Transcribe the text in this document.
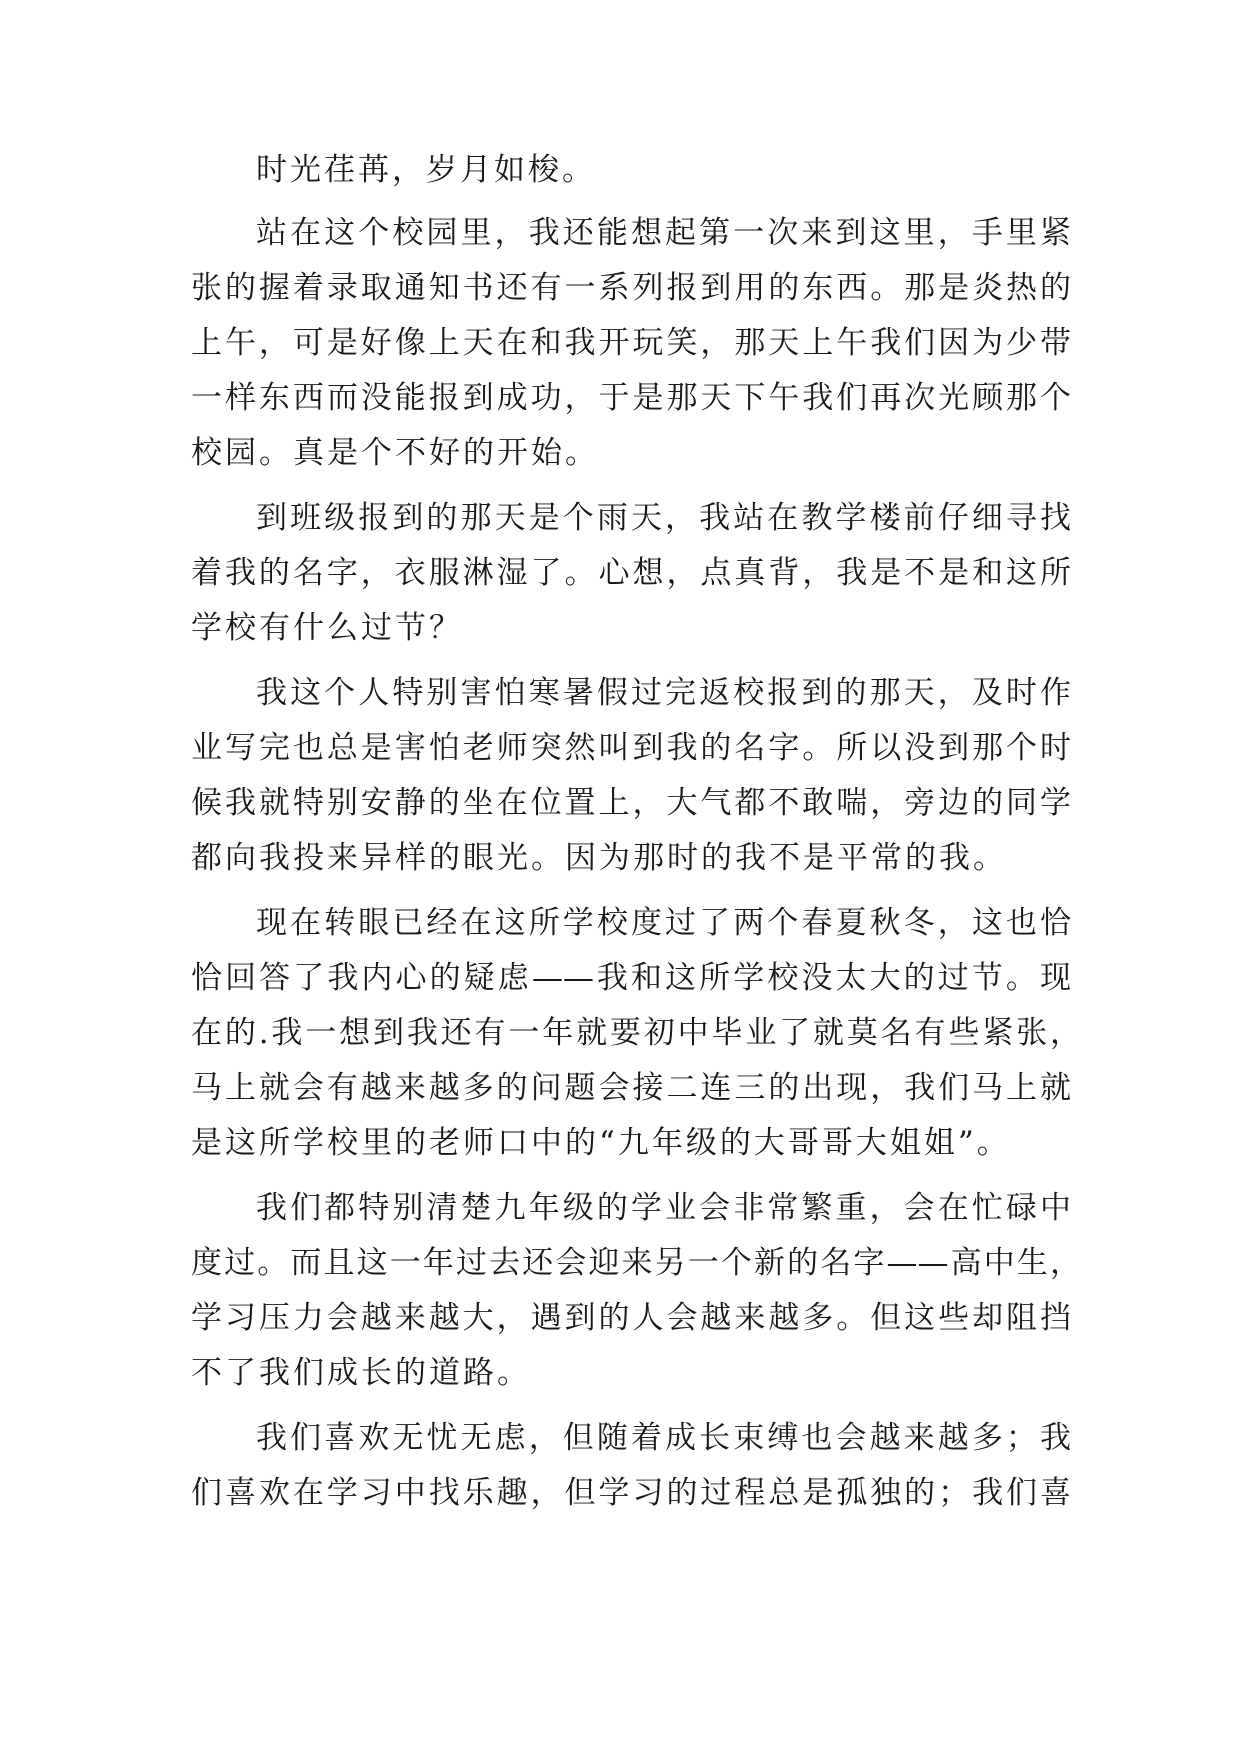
时光荏苒，岁月如梭。
站在这个校园里，我还能想起第一次来到这里，手里紧
张的握着录取通知书还有一系列报到用的东西。那是炎热的
上午，可是好像上天在和我开玩笑，那天上午我们因为少带
一样东西而没能报到成功，于是那天下午我们再次光顾那个
校园。真是个不好的开始。
到班级报到的那天是个雨天，我站在教学楼前仔细寻找
着我的名字，衣服淋湿了。心想，点真背，我是不是和这所
学校有什么过节？
我这个人特别害怕寒暑假过完返校报到的那天，及时作
业写完也总是害怕老师突然叫到我的名字。所以没到那个时
候我就特别安静的坐在位置上，大气都不敢喘，旁边的同学
都向我投来异样的眼光。因为那时的我不是平常的我。
现在转眼已经在这所学校度过了两个春夏秋冬，这也恰
恰回答了我内心的疑虑——我和这所学校没太大的过节。现
在的.我一想到我还有一年就要初中毕业了就莫名有些紧张，
马上就会有越来越多的问题会接二连三的出现，我们马上就
是这所学校里的老师口中的“九年级的大哥哥大姐姐”。
我们都特别清楚九年级的学业会非常繁重，会在忙碌中
度过。而且这一年过去还会迎来另一个新的名字——高中生，
学习压力会越来越大，遇到的人会越来越多。但这些却阻挡
不了我们成长的道路。
我们喜欢无忧无虑，但随着成长束缚也会越来越多；我
们喜欢在学习中找乐趣，但学习的过程总是孤独的；我们喜
